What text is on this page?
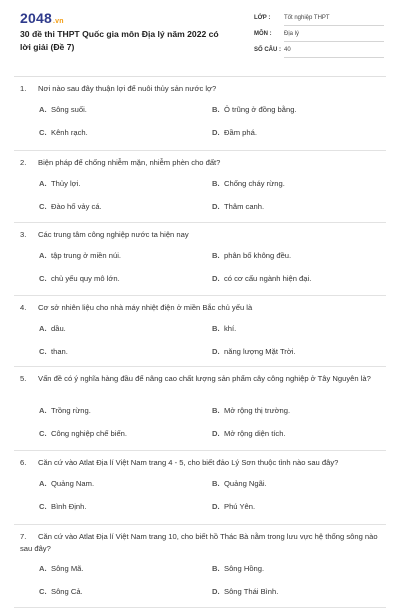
2048.vn
30 đề thi THPT Quốc gia môn Địa lý năm 2022 có lời giải (Đề 7)
LỚP : Tốt nghiệp THPT
MÔN : Địa lý
SỐ CÂU : 40
1. Nơi nào sau đây thuận lợi để nuôi thủy sản nước lợ?
A. Sông suối.	B. Ô trũng ở đồng bằng.
C. Kênh rạch.	D. Đầm phá.
2. Biện pháp để chống nhiễm mặn, nhiễm phèn cho đất?
A. Thủy lợi.	B. Chống cháy rừng.
C. Đào hố vảy cá.	D. Thâm canh.
3. Các trung tâm công nghiệp nước ta hiện nay
A. tập trung ở miền núi.	B. phân bố không đều.
C. chủ yếu quy mô lớn.	D. có cơ cấu ngành hiện đại.
4. Cơ sở nhiên liệu cho nhà máy nhiệt điện ở miền Bắc chủ yếu là
A. dầu.	B. khí.
C. than.	D. năng lượng Mặt Trời.
5. Vấn đề có ý nghĩa hàng đầu để nâng cao chất lượng sản phẩm cây công nghiệp ở Tây Nguyên là?
A. Trồng rừng.	B. Mở rộng thị trường.
C. Công nghiệp chế biến.	D. Mở rộng diện tích.
6. Căn cứ vào Atlat Địa lí Việt Nam trang 4 - 5, cho biết đảo Lý Sơn thuộc tỉnh nào sau đây?
A. Quảng Nam.	B. Quảng Ngãi.
C. Bình Định.	D. Phú Yên.
7. Căn cứ vào Atlat Địa lí Việt Nam trang 10, cho biết hồ Thác Bà nằm trong lưu vực hệ thống sông nào sau đây?
A. Sông Mã.	B. Sông Hồng.
C. Sông Cả.	D. Sông Thái Bình.
